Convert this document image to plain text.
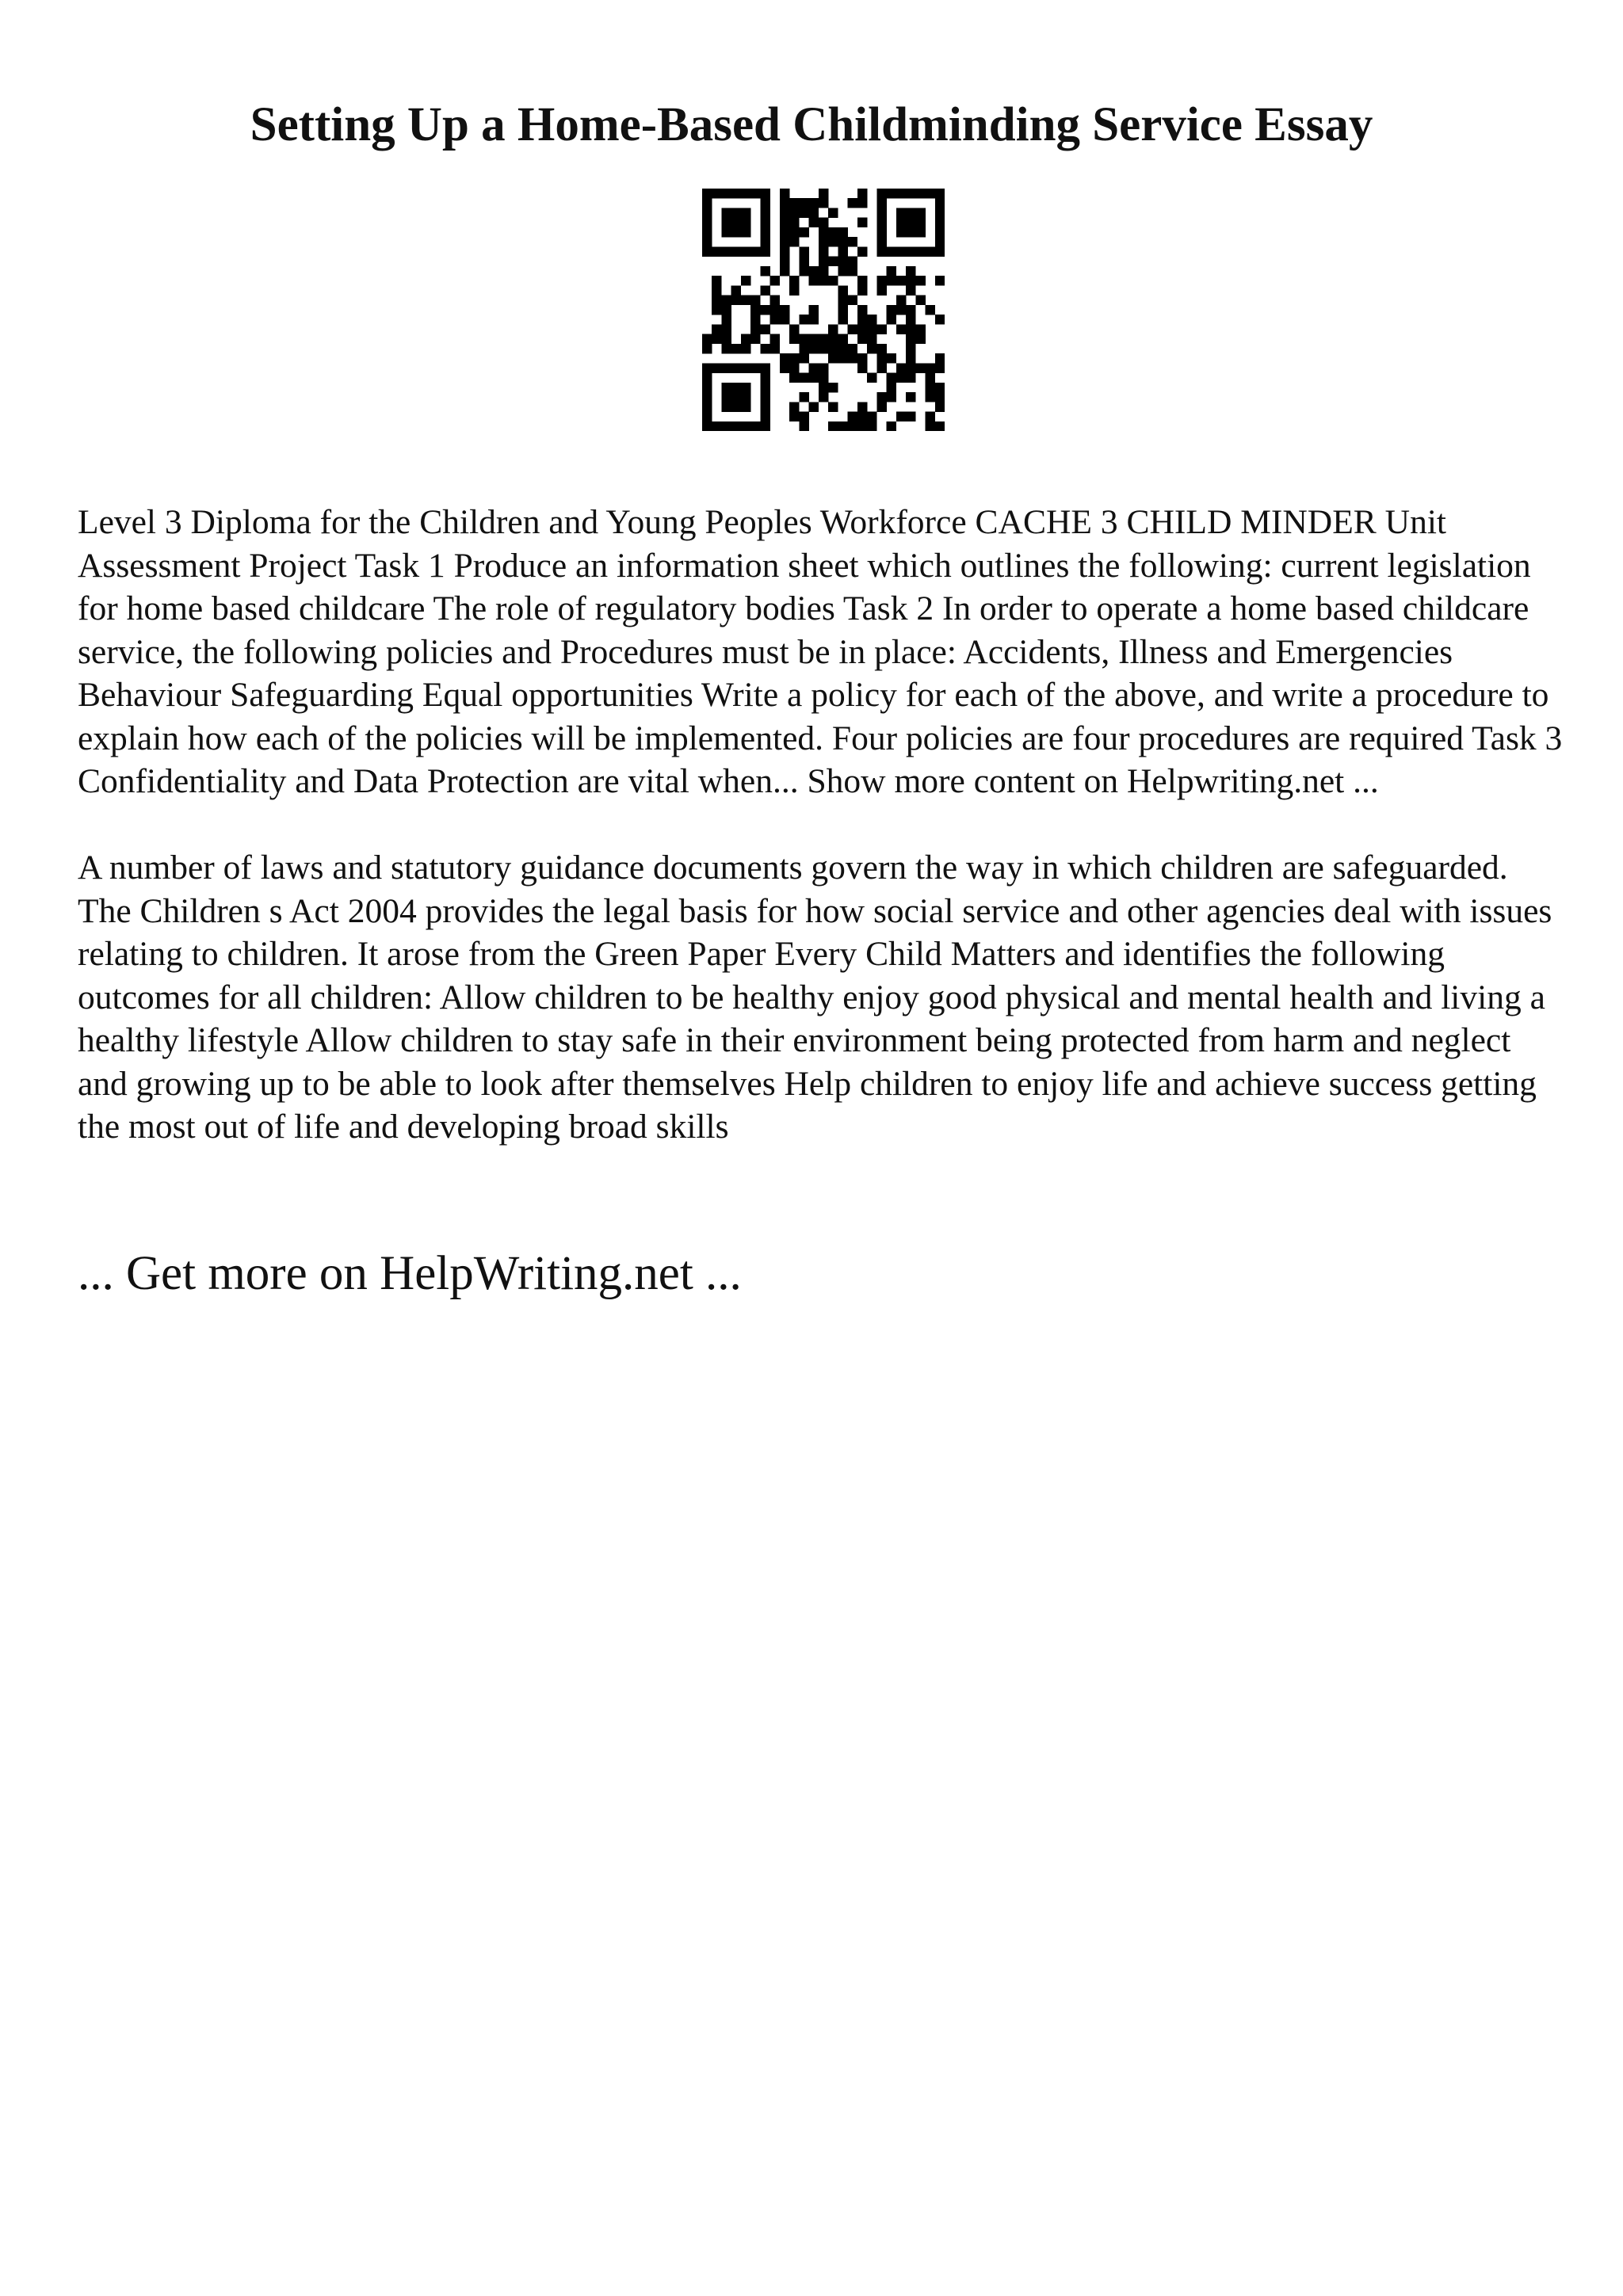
Setting Up a Home-Based Childminding Service Essay

Level 3 Diploma for the Children and Young Peoples Workforce CACHE 3 CHILD MINDER Unit Assessment Project Task 1 Produce an information sheet which outlines the following: current legislation for home based childcare The role of regulatory bodies Task 2 In order to operate a home based childcare service, the following policies and Procedures must be in place: Accidents, Illness and Emergencies Behaviour Safeguarding Equal opportunities Write a policy for each of the above, and write a procedure to explain how each of the policies will be implemented. Four policies are four procedures are required Task 3 Confidentiality and Data Protection are vital when... Show more content on Helpwriting.net ...

A number of laws and statutory guidance documents govern the way in which children are safeguarded. The Children s Act 2004 provides the legal basis for how social service and other agencies deal with issues relating to children. It arose from the Green Paper Every Child Matters and identifies the following outcomes for all children: Allow children to be healthy enjoy good physical and mental health and living a healthy lifestyle Allow children to stay safe in their environment being protected from harm and neglect and growing up to be able to look after themselves Help children to enjoy life and achieve success getting the most out of life and developing broad skills

... Get more on HelpWriting.net ...
